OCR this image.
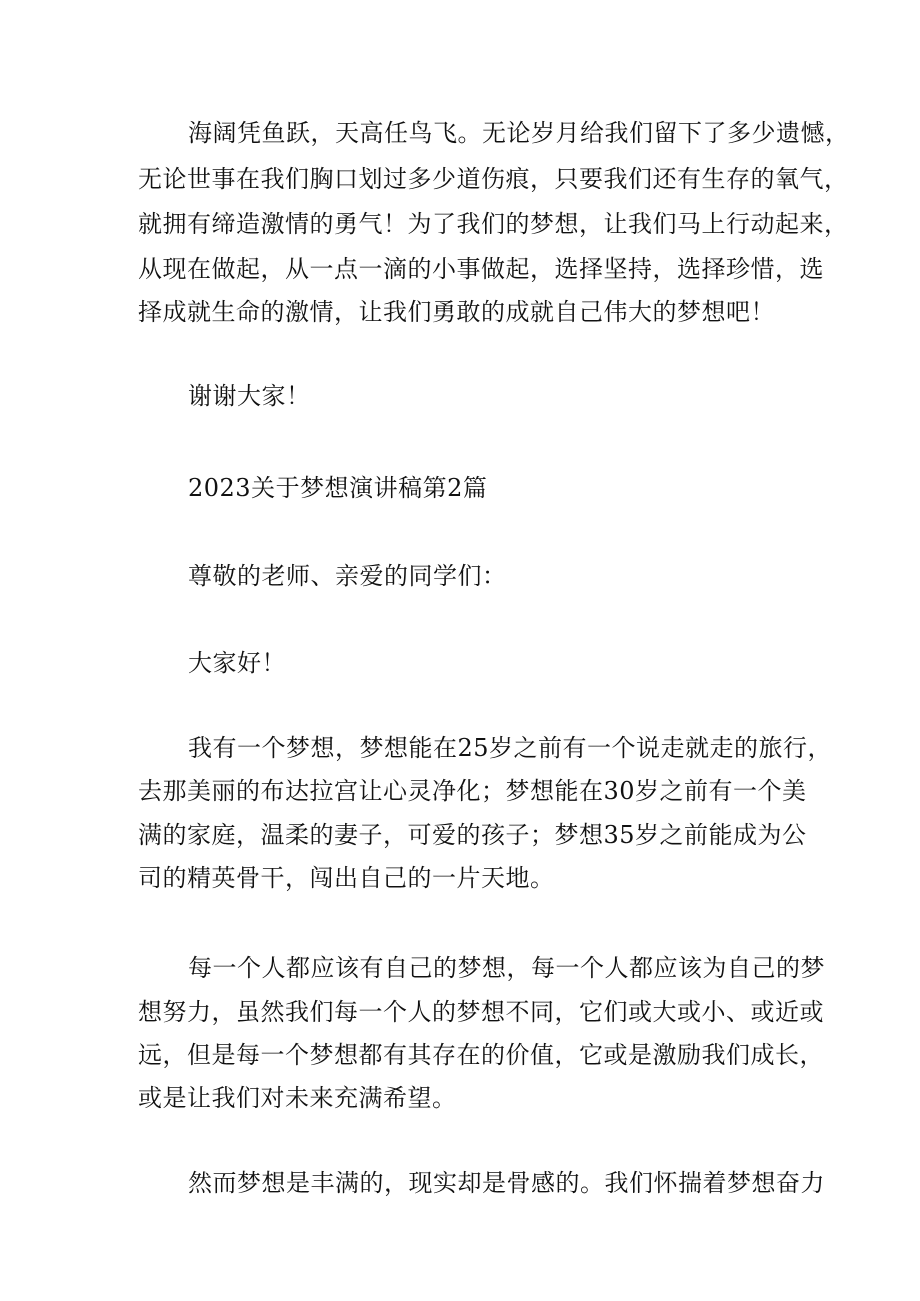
海阔凭鱼跃，天高任鸟飞。无论岁月给我们留下了多少遗憾，
无论世事在我们胸口划过多少道伤痕，只要我们还有生存的氧气，
就拥有缔造激情的勇气！为了我们的梦想，让我们马上行动起来，
从现在做起，从一点一滴的小事做起，选择坚持，选择珍惜，选
择成就生命的激情，让我们勇敢的成就自己伟大的梦想吧！
谢谢大家！
2023关于梦想演讲稿第2篇
尊敬的老师、亲爱的同学们：
大家好！
我有一个梦想，梦想能在25岁之前有一个说走就走的旅行，
去那美丽的布达拉宫让心灵净化；梦想能在30岁之前有一个美
满的家庭，温柔的妻子，可爱的孩子；梦想35岁之前能成为公
司的精英骨干，闯出自己的一片天地。
每一个人都应该有自己的梦想，每一个人都应该为自己的梦
想努力，虽然我们每一个人的梦想不同，它们或大或小、或近或
远，但是每一个梦想都有其存在的价值，它或是激励我们成长，
或是让我们对未来充满希望。
然而梦想是丰满的，现实却是骨感的。我们怀揣着梦想奋力
